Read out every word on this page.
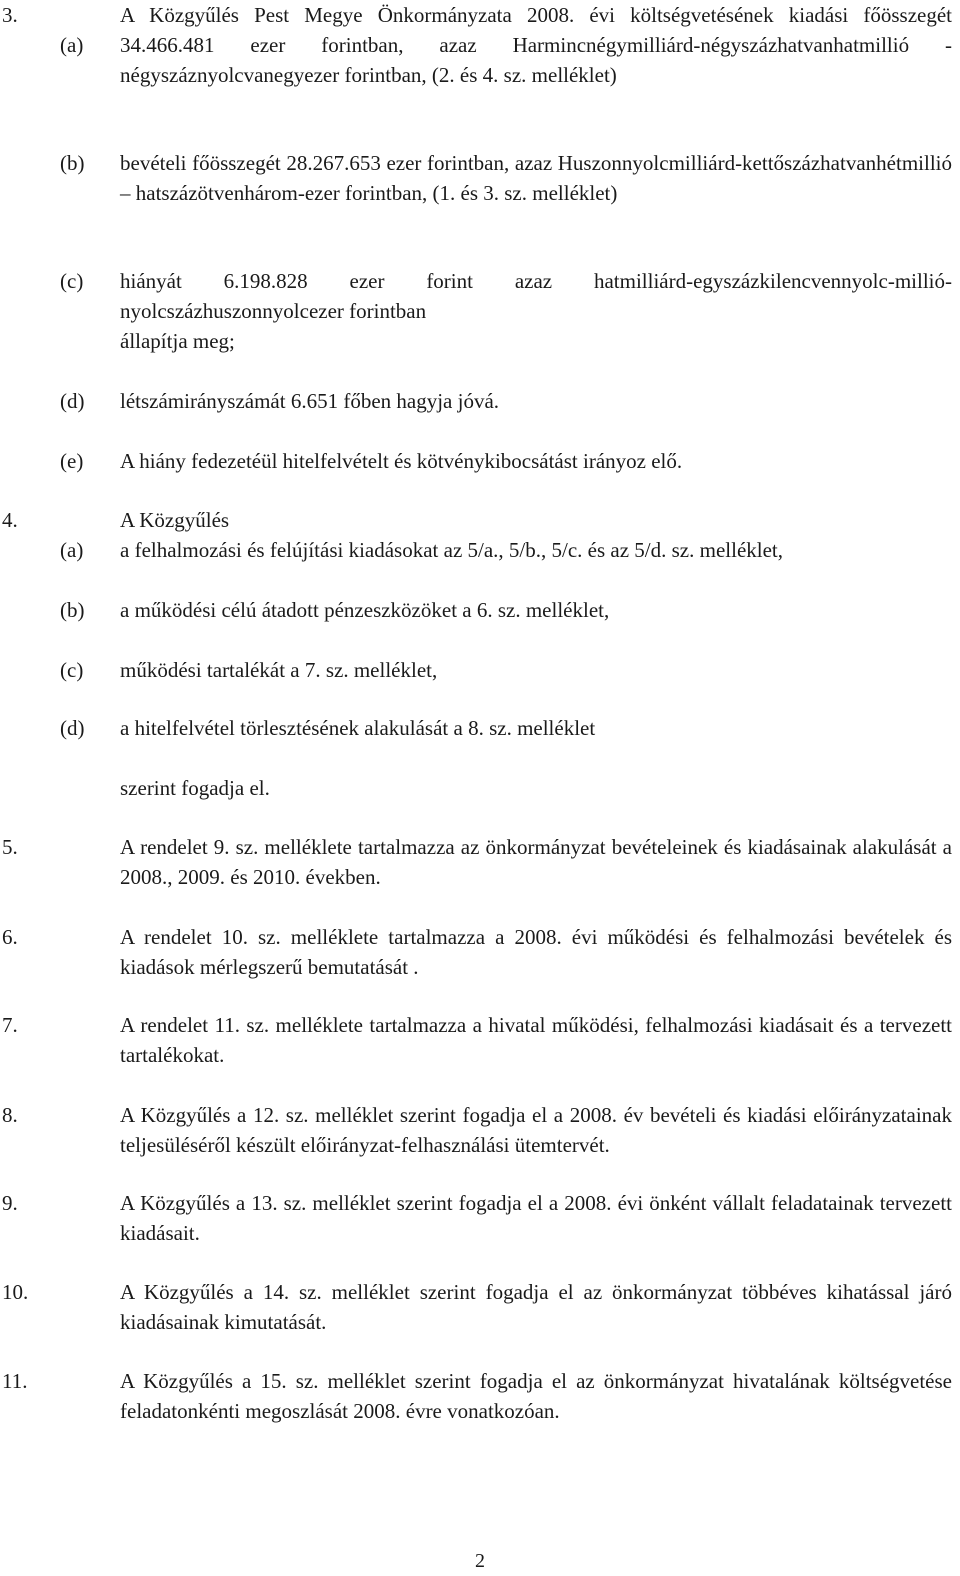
3.
(a)
A Közgyűlés Pest Megye Önkormányzata 2008. évi költségvetésének kiadási főösszegét 34.466.481 ezer forintban, azaz Harmincnégymilliárd-négyszázhatvanhatmillió - négyszáznyolcvanegyezer forintban, (2. és 4. sz. melléklet)
(b) bevételi főösszegét 28.267.653 ezer forintban, azaz Huszonnyolcmilliárd-kettőszázhatvanhétmillió – hatszázötvenhárom-ezer forintban, (1. és 3. sz. melléklet)
(c) hiányát 6.198.828 ezer forint azaz hatmilliárd-egyszázkilencvennyolc-millió-nyolcszázhuszonnyolcezer forintban
állapítja meg;
(d) létszámirányszámát 6.651 főben hagyja jóvá.
(e) A hiány fedezetéül hitelfelvételt és kötvénykibocsátást irányoz elő.
4.	A Közgyűlés
(a) a felhalmozási és felújítási kiadásokat az 5/a., 5/b., 5/c. és az 5/d. sz. melléklet,
(b) a működési célú átadott pénzeszközöket a 6. sz. melléklet,
(c) működési tartalékát a 7. sz. melléklet,
(d) a hitelfelvétel törlesztésének alakulását a 8. sz. melléklet
szerint fogadja el.
5.	A rendelet 9. sz. melléklete tartalmazza az önkormányzat bevételeinek és kiadásainak alakulását a 2008., 2009. és 2010. években.
6.	A rendelet 10. sz. melléklete tartalmazza a 2008. évi működési és felhalmozási bevételek és kiadások mérlegszerű bemutatását .
7.	A rendelet 11. sz. melléklete tartalmazza a hivatal működési, felhalmozási kiadásait és a tervezett tartalékokat.
8.	A Közgyűlés a 12. sz. melléklet szerint fogadja el a 2008. év bevételi és kiadási előirányzatainak teljesüléséről készült előirányzat-felhasználási ütemtervét.
9.	A Közgyűlés a 13. sz. melléklet szerint fogadja el a 2008. évi önként vállalt feladatainak tervezett kiadásait.
10.	A Közgyűlés a 14. sz. melléklet szerint fogadja el az önkormányzat többéves kihatással járó kiadásainak kimutatását.
11.	A Közgyűlés a 15. sz. melléklet szerint fogadja el az önkormányzat hivatalának költségvetése feladatonkénti megoszlását 2008. évre vonatkozóan.
2
